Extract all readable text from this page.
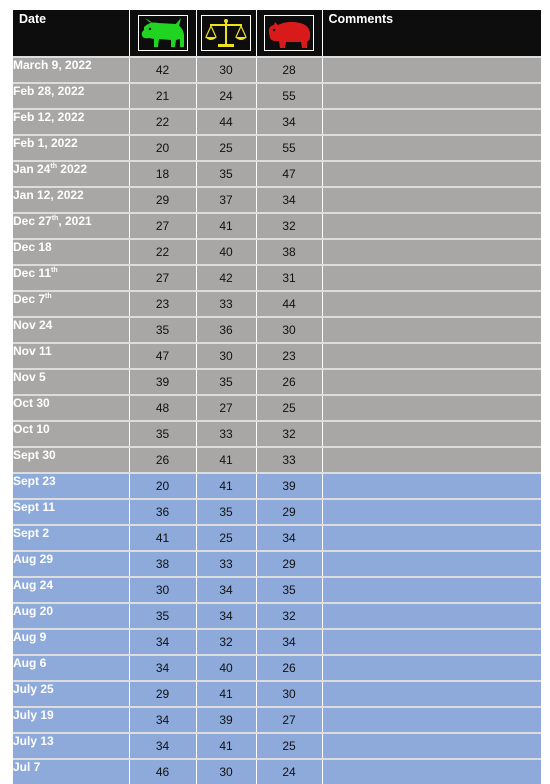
Date				Comments

March 9, 2022	42	30	28	
Feb 28, 2022	21	24	55	
Feb 12, 2022	22	44	34	
Feb 1, 2022	20	25	55	
Jan 24th 2022	18	35	47	
Jan 12, 2022	29	37	34	
Dec 27th, 2021	27	41	32	
Dec 18	22	40	38	
Dec 11th	27	42	31	
Dec 7th	23	33	44	
Nov 24	35	36	30	
Nov 11	47	30	23	
Nov 5	39	35	26	
Oct 30	48	27	25	
Oct 10	35	33	32	
Sept 30	26	41	33	
Sept 23	20	41	39	
Sept 11	36	35	29	
Sept 2	41	25	34	
Aug 29	38	33	29	
Aug 24	30	34	35	
Aug 20	35	34	32	
Aug 9	34	32	34	
Aug 6	34	40	26	
July 25	29	41	30	
July 19	34	39	27	
July 13	34	41	25	
Jul 7	46	30	24	
